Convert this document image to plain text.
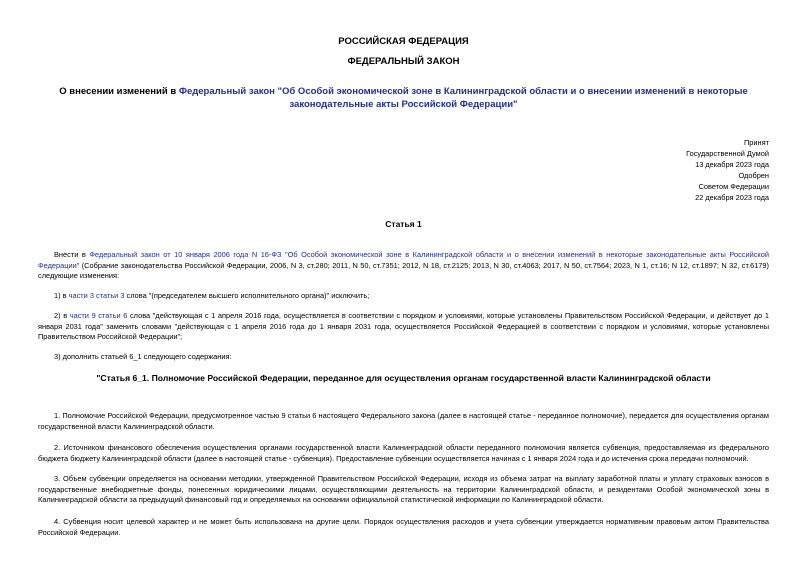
РОССИЙСКАЯ ФЕДЕРАЦИЯ
ФЕДЕРАЛЬНЫЙ ЗАКОН
О внесении изменений в Федеральный закон "Об Особой экономической зоне в Калининградской области и о внесении изменений в некоторые законодательные акты Российской Федерации"
Принят
Государственной Думой
13 декабря 2023 года
Одобрен
Советом Федерации
22 декабря 2023 года
Статья 1
Внести в Федеральный закон от 10 января 2006 года N 16-ФЗ "Об Особой экономической зоне в Калининградской области и о внесении изменений в некоторые законодательные акты Российской Федерации" (Собрание законодательства Российской Федерации, 2006, N 3, ст.280; 2011, N 50, ст.7351; 2012, N 18, ст.2125; 2013, N 30, ст.4063; 2017, N 50, ст.7564; 2023, N 1, ст.16; N 12, ст.1897; N 32, ст.6179) следующие изменения:
1) в части 3 статьи 3 слова "(председателем высшего исполнительного органа)" исключить;
2) в части 9 статьи 6 слова "действующая с 1 апреля 2016 года, осуществляется в соответствии с порядком и условиями, которые установлены Правительством Российской Федерации, и действует до 1 января 2031 года" заменить словами "действующая с 1 апреля 2016 года до 1 января 2031 года, осуществляется Российской Федерацией в соответствии с порядком и условиями, которые установлены Правительством Российской Федерации";
3) дополнить статьей 6_1 следующего содержания:
"Статья 6_1. Полномочие Российской Федерации, переданное для осуществления органам государственной власти Калининградской области
1. Полномочие Российской Федерации, предусмотренное частью 9 статьи 6 настоящего Федерального закона (далее в настоящей статье - переданное полномочие), передается для осуществления органам государственной власти Калининградской области.
2. Источником финансового обеспечения осуществления органами государственной власти Калининградской области переданного полномочия является субвенция, предоставляемая из федерального бюджета бюджету Калининградской области (далее в настоящей статье - субвенция). Предоставление субвенции осуществляется начиная с 1 января 2024 года и до истечения срока передачи полномочий.
3. Объем субвенции определяется на основании методики, утвержденной Правительством Российской Федерации, исходя из объема затрат на выплату заработной платы и уплату страховых взносов в государственные внебюджетные фонды, понесенных юридическими лицами, осуществляющими деятельность на территории Калининградской области, и резидентами Особой экономической зоны в Калининградской области за предыдущий финансовый год и определяемых на основании официальной статистической информации по Калининградской области.
4. Субвенция носит целевой характер и не может быть использована на другие цели. Порядок осуществления расходов и учета субвенции утверждается нормативным правовым актом Правительства Российской Федерации.
